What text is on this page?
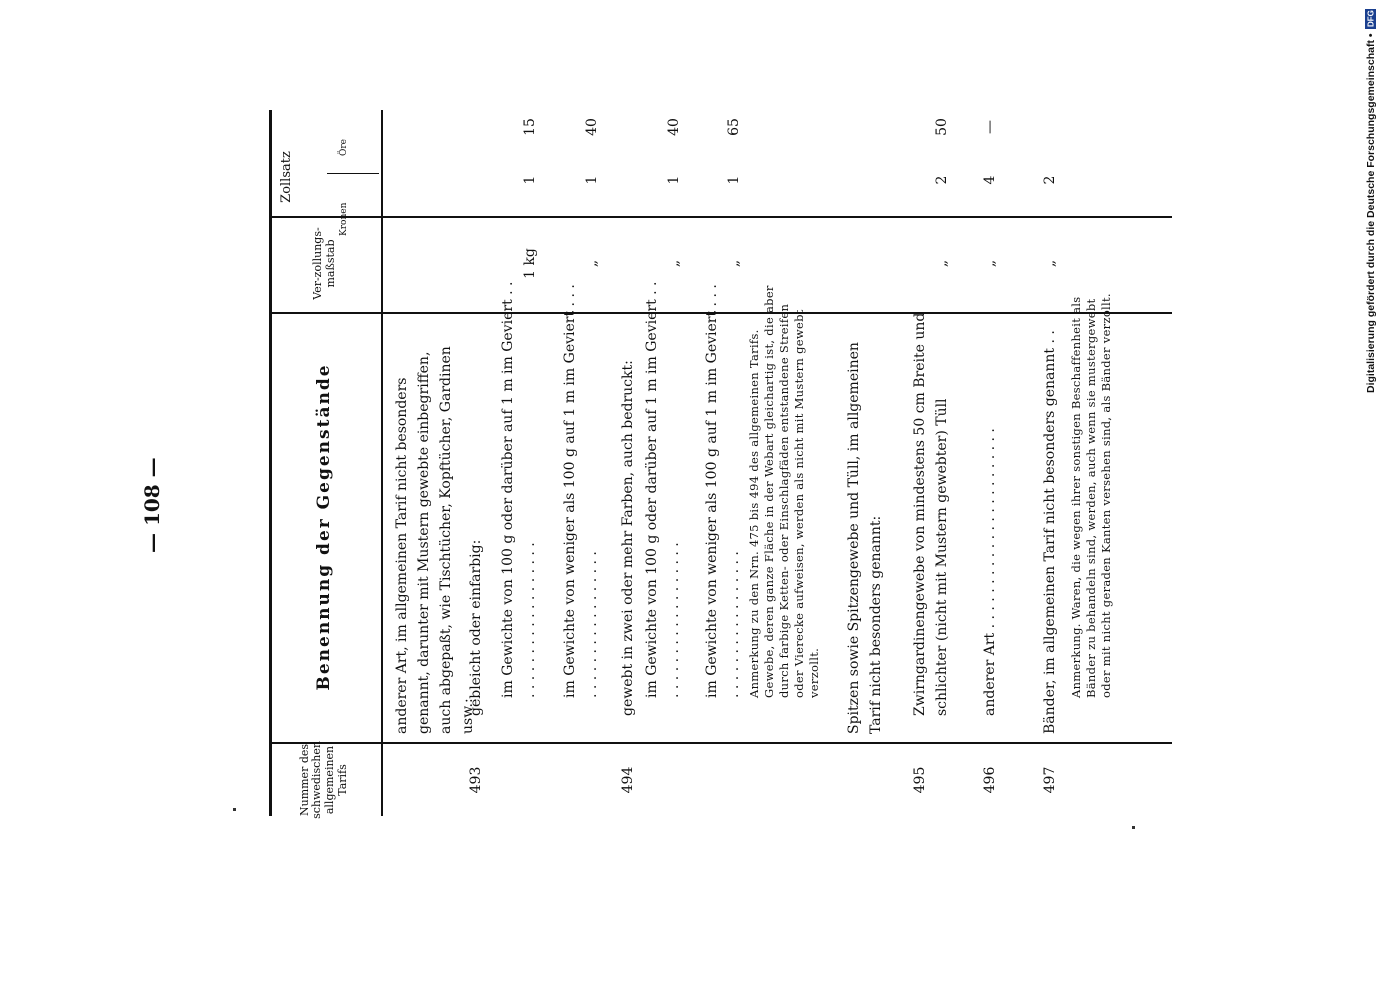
— 108 —
Digitalisierung gefördert durch die Deutsche Forschungsgemeinschaft •
DFG
Nummer des schwedischen allgemeinen Tarifs
Benennung der Gegenstände
Ver-zollungs-maßstab
Zollsatz
Kronen
Öre
anderer Art, im allgemeinen Tarif nicht besonders genannt, darunter mit Mustern gewebte einbegriffen, auch abgepaßt, wie Tischtücher, Kopftücher, Gardinen usw.:
493
gebleicht oder einfarbig: im Gewichte von 100 g oder darüber auf 1 m im Geviert . . . . . . . . . . . . . . . . . . . .
1 kg
1
15
im Gewichte von weniger als 100 g auf 1 m im Geviert . . . . . . . . . . . . . . . . . . . .
„
1
40
494
gewebt in zwei oder mehr Farben, auch bedruckt: im Gewichte von 100 g oder darüber auf 1 m im Geviert . . . . . . . . . . . . . . . . . . . .
„
1
40
im Gewichte von weniger als 100 g auf 1 m im Geviert . . . . . . . . . . . . . . . . . . . .
„
1
65
Anmerkung zu den Nrn. 475 bis 494 des allgemeinen Tarifs. Gewebe, deren ganze Fläche in der Webart gleichartig ist, die aber durch farbige Ketten- oder Einschlagfäden entstandene Streifen oder Vierecke aufweisen, werden als nicht mit Mustern gewebt verzollt. Spitzen sowie Spitzengewebe und Tüll, im allgemeinen Tarif nicht besonders genannt:
495
Zwirngardinengewebe von mindestens 50 cm Breite und schlichter (nicht mit Mustern gewebter) Tüll
„
2
50
496
anderer Art . . . . . . . . . . . . . . . . . . . . . . .
„
4
—
497
Bänder, im allgemeinen Tarif nicht besonders genannt . .
„
2
Anmerkung. Waren, die wegen ihrer sonstigen Beschaffenheit als Bänder zu behandeln sind, werden, auch wenn sie mustergewebt oder mit nicht geraden Kanten versehen sind, als Bänder verzollt.
